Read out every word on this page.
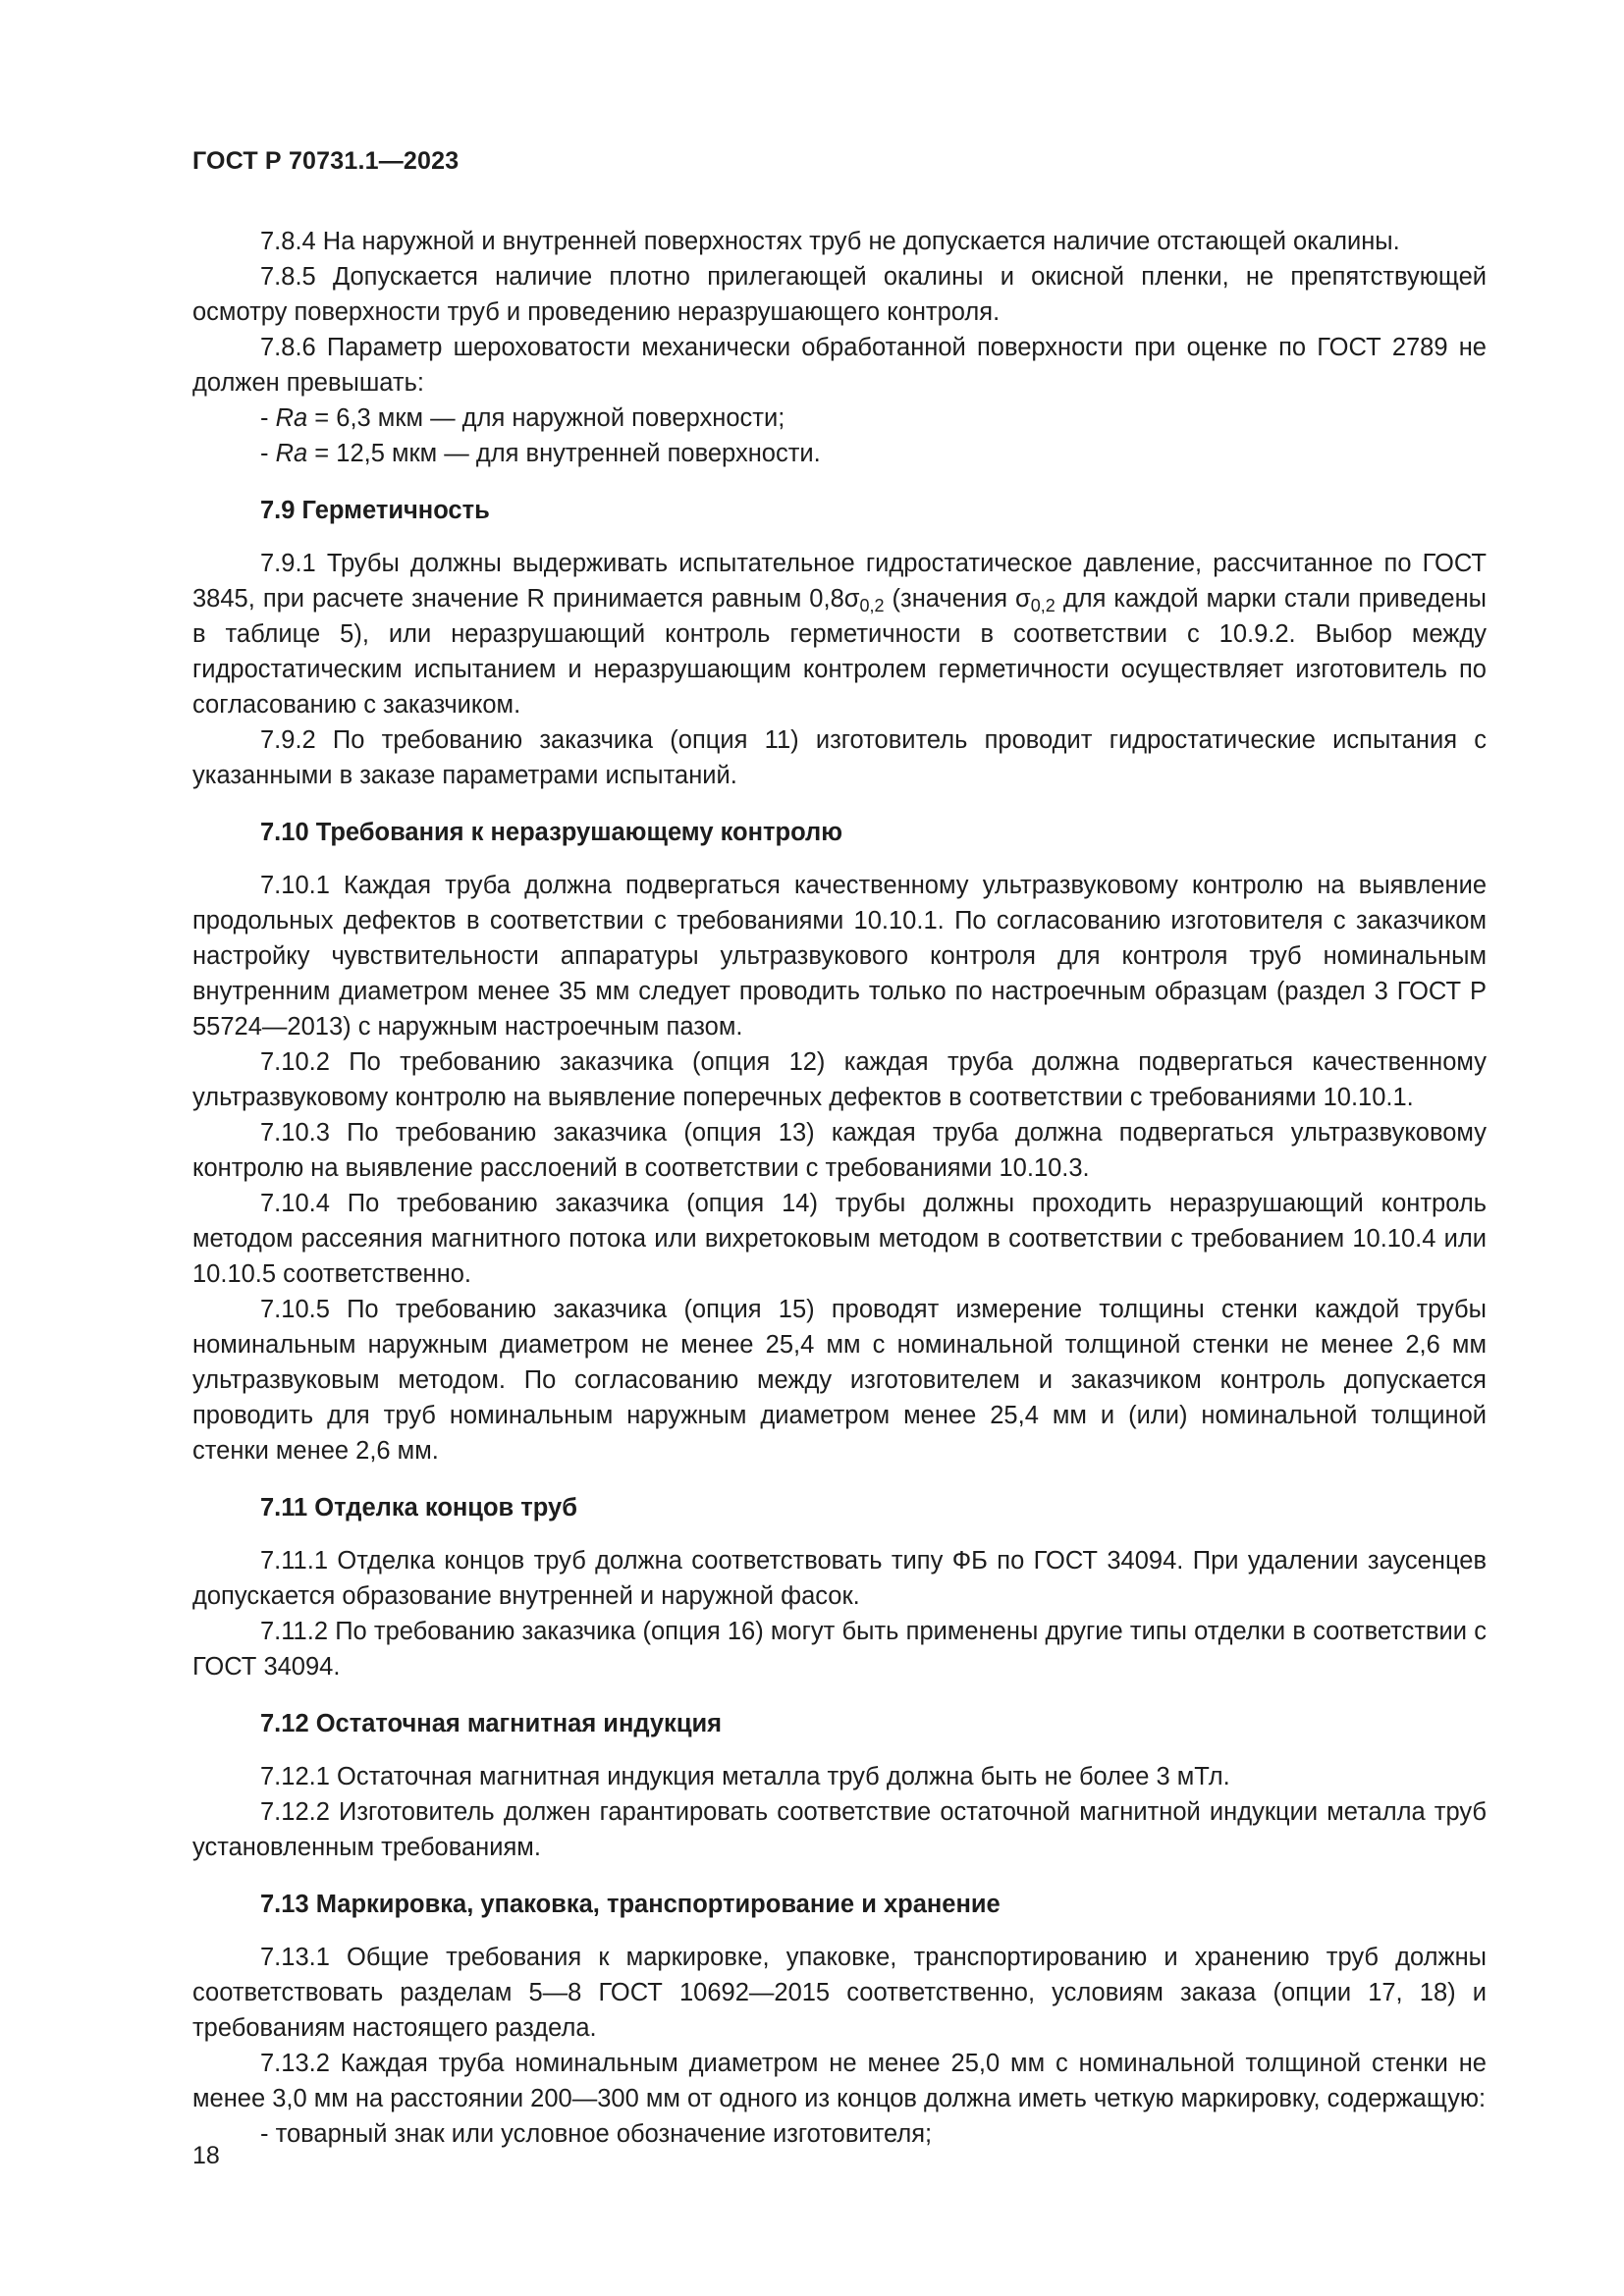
ГОСТ Р 70731.1—2023

7.8.4 На наружной и внутренней поверхностях труб не допускается наличие отстающей окалины.

7.8.5 Допускается наличие плотно прилегающей окалины и окисной пленки, не препятствующей осмотру поверхности труб и проведению неразрушающего контроля.

7.8.6 Параметр шероховатости механически обработанной поверхности при оценке по ГОСТ 2789 не должен превышать:

- Ra = 6,3 мкм — для наружной поверхности;

- Ra = 12,5 мкм — для внутренней поверхности.

7.9 Герметичность

7.9.1 Трубы должны выдерживать испытательное гидростатическое давление, рассчитанное по ГОСТ 3845, при расчете значение R принимается равным $0,8\sigma_{0,2}$ (значения $\sigma_{0,2}$ для каждой марки стали приведены в таблице 5), или неразрушающий контроль герметичности в соответствии с 10.9.2. Выбор между гидростатическим испытанием и неразрушающим контролем герметичности осуществляет изготовитель по согласованию с заказчиком.

7.9.2 По требованию заказчика (опция 11) изготовитель проводит гидростатические испытания с указанными в заказе параметрами испытаний.

7.10 Требования к неразрушающему контролю

7.10.1 Каждая труба должна подвергаться качественному ультразвуковому контролю на выявление продольных дефектов в соответствии с требованиями 10.10.1. По согласованию изготовителя с заказчиком настройку чувствительности аппаратуры ультразвукового контроля для контроля труб номинальным внутренним диаметром менее 35 мм следует проводить только по настроечным образцам (раздел 3 ГОСТ Р 55724—2013) с наружным настроечным пазом.

7.10.2 По требованию заказчика (опция 12) каждая труба должна подвергаться качественному ультразвуковому контролю на выявление поперечных дефектов в соответствии с требованиями 10.10.1.

7.10.3 По требованию заказчика (опция 13) каждая труба должна подвергаться ультразвуковому контролю на выявление расслоений в соответствии с требованиями 10.10.3.

7.10.4 По требованию заказчика (опция 14) трубы должны проходить неразрушающий контроль методом рассеяния магнитного потока или вихретоковым методом в соответствии с требованием 10.10.4 или 10.10.5 соответственно.

7.10.5 По требованию заказчика (опция 15) проводят измерение толщины стенки каждой трубы номинальным наружным диаметром не менее 25,4 мм с номинальной толщиной стенки не менее 2,6 мм ультразвуковым методом. По согласованию между изготовителем и заказчиком контроль допускается проводить для труб номинальным наружным диаметром менее 25,4 мм и (или) номинальной толщиной стенки менее 2,6 мм.

7.11 Отделка концов труб

7.11.1 Отделка концов труб должна соответствовать типу ФБ по ГОСТ 34094. При удалении заусенцев допускается образование внутренней и наружной фасок.

7.11.2 По требованию заказчика (опция 16) могут быть применены другие типы отделки в соответствии с ГОСТ 34094.

7.12 Остаточная магнитная индукция

7.12.1 Остаточная магнитная индукция металла труб должна быть не более 3 мТл.

7.12.2 Изготовитель должен гарантировать соответствие остаточной магнитной индукции металла труб установленным требованиям.

7.13 Маркировка, упаковка, транспортирование и хранение

7.13.1 Общие требования к маркировке, упаковке, транспортированию и хранению труб должны соответствовать разделам 5—8 ГОСТ 10692—2015 соответственно, условиям заказа (опции 17, 18) и требованиям настоящего раздела.

7.13.2 Каждая труба номинальным диаметром не менее 25,0 мм с номинальной толщиной стенки не менее 3,0 мм на расстоянии 200—300 мм от одного из концов должна иметь четкую маркировку, содержащую:

- товарный знак или условное обозначение изготовителя;

18
